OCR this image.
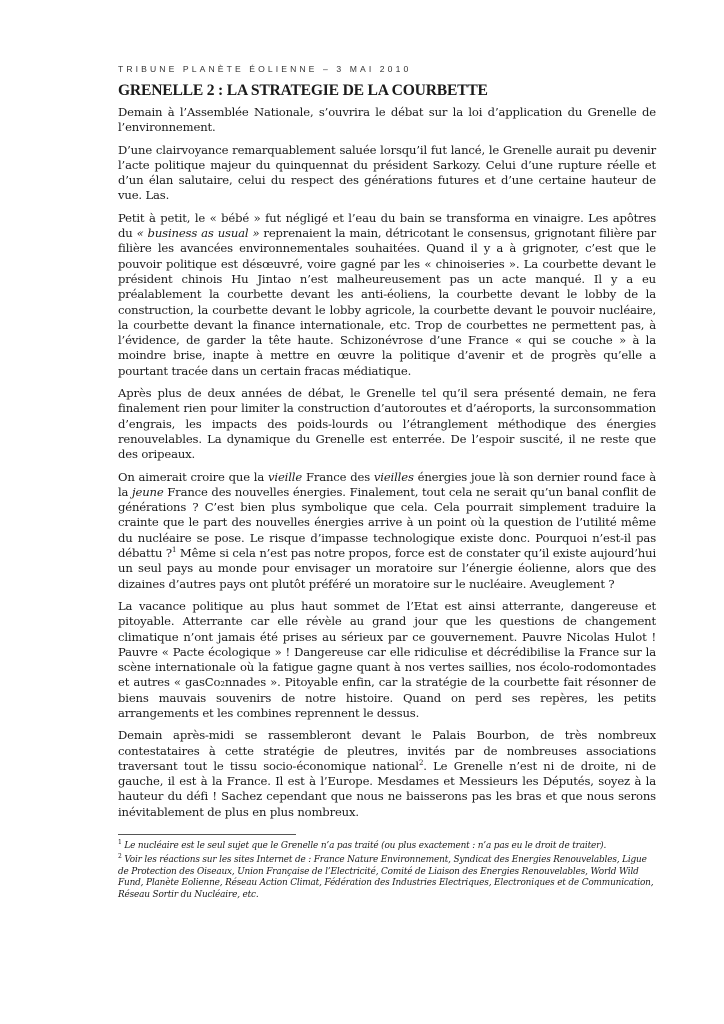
TRIBUNE PLANÈTE ÉOLIENNE – 3 MAI 2010
GRENELLE 2 : LA STRATEGIE DE LA COURBETTE

Demain à l’Assemblée Nationale, s’ouvrira le débat sur la loi d’application du Grenelle de l’environnement.

D’une clairvoyance remarquablement saluée lorsqu’il fut lancé, le Grenelle aurait pu devenir l’acte politique majeur du quinquennat du président Sarkozy. Celui d’une rupture réelle et d’un élan salutaire, celui du respect des générations futures et d’une certaine hauteur de vue. Las.

Petit à petit, le « bébé » fut négligé et l’eau du bain se transforma en vinaigre. Les apôtres du « business as usual » reprenaient la main, détricotant le consensus, grignotant filière par filière les avancées environnementales souhaitées. Quand il y a à grignoter, c’est que le pouvoir politique est désœuvré, voire gagné par les « chinoiseries ». La courbette devant le président chinois Hu Jintao n’est malheureusement pas un acte manqué. Il y a eu préalablement la courbette devant les anti-éoliens, la courbette devant le lobby de la construction, la courbette devant le lobby agricole, la courbette devant le pouvoir nucléaire, la courbette devant la finance internationale, etc. Trop de courbettes ne permettent pas, à l’évidence, de garder la tête haute. Schizonévrose d’une France « qui se couche » à la moindre brise, inapte à mettre en œuvre la politique d’avenir et de progrès qu’elle a pourtant tracée dans un certain fracas médiatique.

Après plus de deux années de débat, le Grenelle tel qu’il sera présenté demain, ne fera finalement rien pour limiter la construction d’autoroutes et d’aéroports, la surconsommation d’engrais, les impacts des poids-lourds ou l’étranglement méthodique des énergies renouvelables. La dynamique du Grenelle est enterrée. De l’espoir suscité, il ne reste que des oripeaux.

On aimerait croire que la vieille France des vieilles énergies joue là son dernier round face à la jeune France des nouvelles énergies. Finalement, tout cela ne serait qu’un banal conflit de générations ? C’est bien plus symbolique que cela. Cela pourrait simplement traduire la crainte que le part des nouvelles énergies arrive à un point où la question de l’utilité même du nucléaire se pose. Le risque d’impasse technologique existe donc. Pourquoi n’est-il pas débattu ?$^1$ Même si cela n’est pas notre propos, force est de constater qu’il existe aujourd’hui un seul pays au monde pour envisager un moratoire sur l’énergie éolienne, alors que des dizaines d’autres pays ont plutôt préféré un moratoire sur le nucléaire. Aveuglement ?

La vacance politique au plus haut sommet de l’Etat est ainsi atterrante, dangereuse et pitoyable. Atterrante car elle révèle au grand jour que les questions de changement climatique n’ont jamais été prises au sérieux par ce gouvernement. Pauvre Nicolas Hulot ! Pauvre « Pacte écologique » ! Dangereuse car elle ridiculise et décrédibilise la France sur la scène internationale où la fatigue gagne quant à nos vertes saillies, nos écolo-rodomontades et autres « gasCo₂nnades ». Pitoyable enfin, car la stratégie de la courbette fait résonner de biens mauvais souvenirs de notre histoire. Quand on perd ses repères, les petits arrangements et les combines reprennent le dessus.

Demain après-midi se rassembleront devant le Palais Bourbon, de très nombreux contestataires à cette stratégie de pleutres, invités par de nombreuses associations traversant tout le tissu socio-économique national$^2$. Le Grenelle n’est ni de droite, ni de gauche, il est à la France. Il est à l’Europe. Mesdames et Messieurs les Députés, soyez à la hauteur du défi ! Sachez cependant que nous ne baisserons pas les bras et que nous serons inévitablement de plus en plus nombreux.

$^1$ Le nucléaire est le seul sujet que le Grenelle n’a pas traité (ou plus exactement : n’a pas eu le droit de traiter).

$^2$ Voir les réactions sur les sites Internet de : France Nature Environnement, Syndicat des Energies Renouvelables, Ligue de Protection des Oiseaux, Union Française de l’Electricité, Comité de Liaison des Energies Renouvelables, World Wild Fund, Planète Eolienne, Réseau Action Climat, Fédération des Industries Electriques, Electroniques et de Communication, Réseau Sortir du Nucléaire, etc.
